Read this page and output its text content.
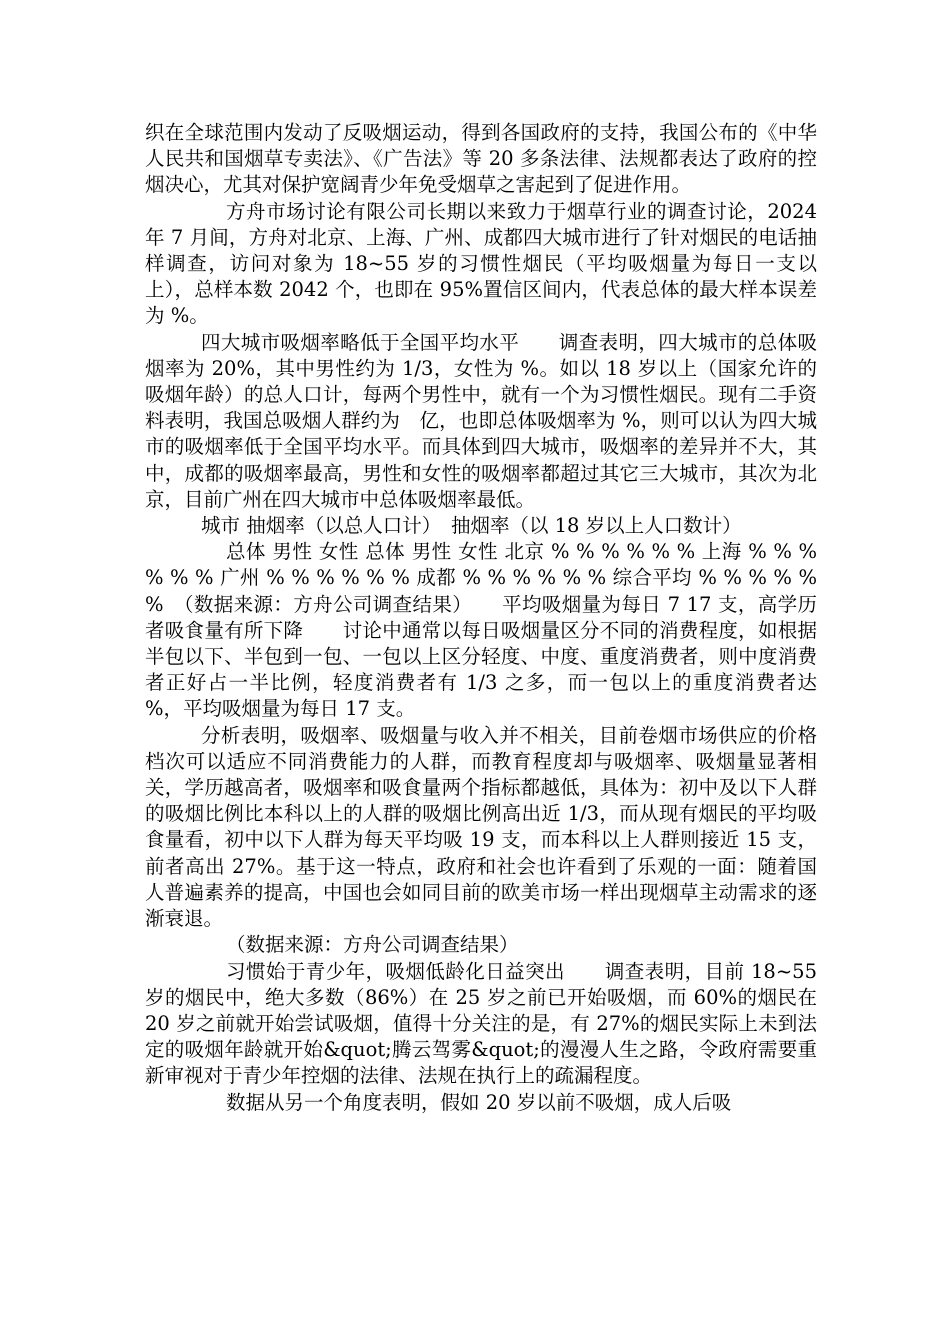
织在全球范围内发动了反吸烟运动，得到各国政府的支持，我国公布的《中华人民共和国烟草专卖法》、《广告法》等 20 多条法律、法规都表达了政府的控烟决心，尤其对保护宽阔青少年免受烟草之害起到了促进作用。

方舟市场讨论有限公司长期以来致力于烟草行业的调查讨论，2024 年 7 月间，方舟对北京、上海、广州、成都四大城市进行了针对烟民的电话抽样调查，访问对象为 18~55 岁的习惯性烟民（平均吸烟量为每日一支以上），总样本数 2042 个，也即在 95%置信区间内，代表总体的最大样本误差为 %。

四大城市吸烟率略低于全国平均水平　　调查表明，四大城市的总体吸烟率为 20%，其中男性约为 1/3，女性为 %。如以 18 岁以上（国家允许的吸烟年龄）的总人口计，每两个男性中，就有一个为习惯性烟民。现有二手资料表明，我国总吸烟人群约为　亿，也即总体吸烟率为 %，则可以认为四大城市的吸烟率低于全国平均水平。而具体到四大城市，吸烟率的差异并不大，其中，成都的吸烟率最高，男性和女性的吸烟率都超过其它三大城市，其次为北京，目前广州在四大城市中总体吸烟率最低。

城市 抽烟率（以总人口计）　抽烟率（以 18 岁以上人口数计）

总体 男性 女性 总体 男性 女性 北京 % % % % % % 上海 % % % % % % 广州 % % % % % % 成都 % % % % % % 综合平均 % % % % % %　（数据来源：方舟公司调查结果）　　平均吸烟量为每日 7 17 支，高学历者吸食量有所下降　　讨论中通常以每日吸烟量区分不同的消费程度，如根据半包以下、半包到一包、一包以上区分轻度、中度、重度消费者，则中度消费者正好占一半比例，轻度消费者有 1/3 之多，而一包以上的重度消费者达 %，平均吸烟量为每日 17 支。

分析表明，吸烟率、吸烟量与收入并不相关，目前卷烟市场供应的价格档次可以适应不同消费能力的人群，而教育程度却与吸烟率、吸烟量显著相关，学历越高者，吸烟率和吸食量两个指标都越低，具体为：初中及以下人群的吸烟比例比本科以上的人群的吸烟比例高出近 1/3，而从现有烟民的平均吸食量看，初中以下人群为每天平均吸 19 支，而本科以上人群则接近 15 支，前者高出 27%。基于这一特点，政府和社会也许看到了乐观的一面：随着国人普遍素养的提高，中国也会如同目前的欧美市场一样出现烟草主动需求的逐渐衰退。

（数据来源：方舟公司调查结果）

习惯始于青少年，吸烟低龄化日益突出　　调查表明，目前 18~55 岁的烟民中，绝大多数（86%）在 25 岁之前已开始吸烟，而 60%的烟民在 20 岁之前就开始尝试吸烟，值得十分关注的是，有 27%的烟民实际上未到法定的吸烟年龄就开始&quot;腾云驾雾&quot;的漫漫人生之路，令政府需要重新审视对于青少年控烟的法律、法规在执行上的疏漏程度。

数据从另一个角度表明，假如 20 岁以前不吸烟，成人后吸
